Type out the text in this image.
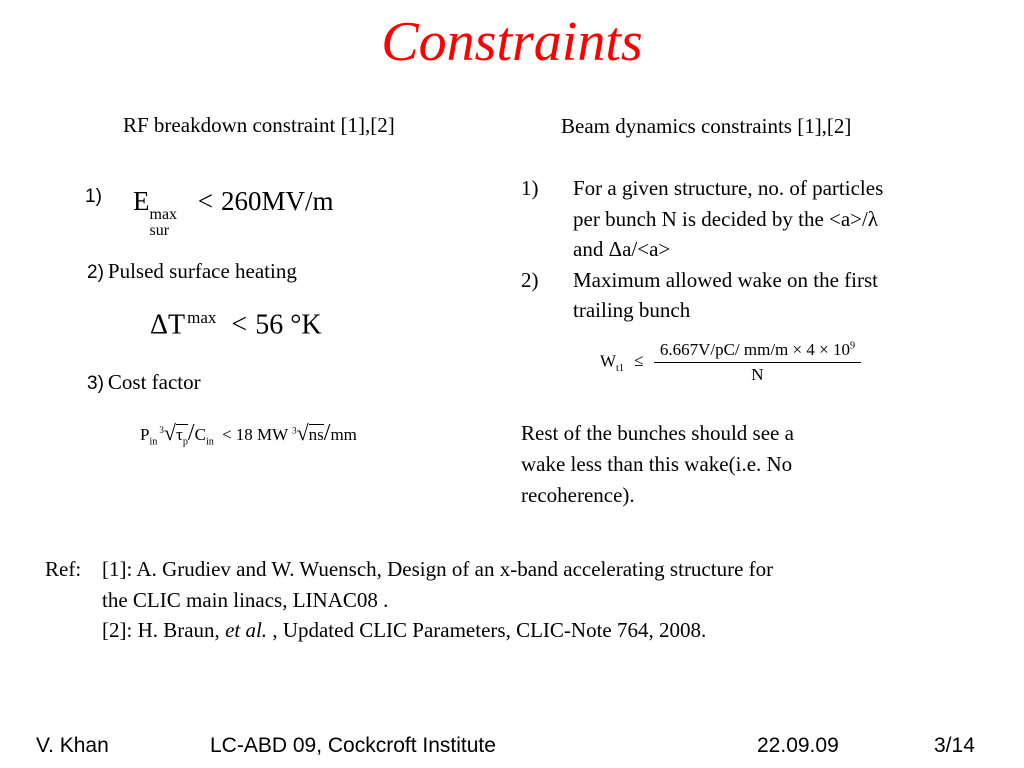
Constraints
RF breakdown constraint [1],[2]	Beam dynamics constraints [1],[2]
1) E max
sur
< 260MV/m
2) Pulsed surface heating
ΔT $^{max}$ < 56 °K
3) Cost factor
$P_{in}^3√\tau_p/C_{in} < 18$ MW $^3$√ns/mm
1)	For a given structure, no. of particles
per bunch N is decided by the <a>/λ
and Δa/<a>
2)	Maximum allowed wake on the first
trailing bunch
$W_{t1} \le \frac{6.667V/pC/ mm/m \times 4 \times 10^9}{N}$
Rest of the bunches should see a
wake less than this wake(i.e. No
recoherence).
Ref: [1]: A. Grudiev and W. Wuensch, Design of an x-band accelerating structure for
the CLIC main linacs, LINAC08 .
[2]: H. Braun, et al. , Updated CLIC Parameters, CLIC-Note 764, 2008.
V. Khan	LC-ABD 09, Cockcroft Institute	22.09.09	3/14
